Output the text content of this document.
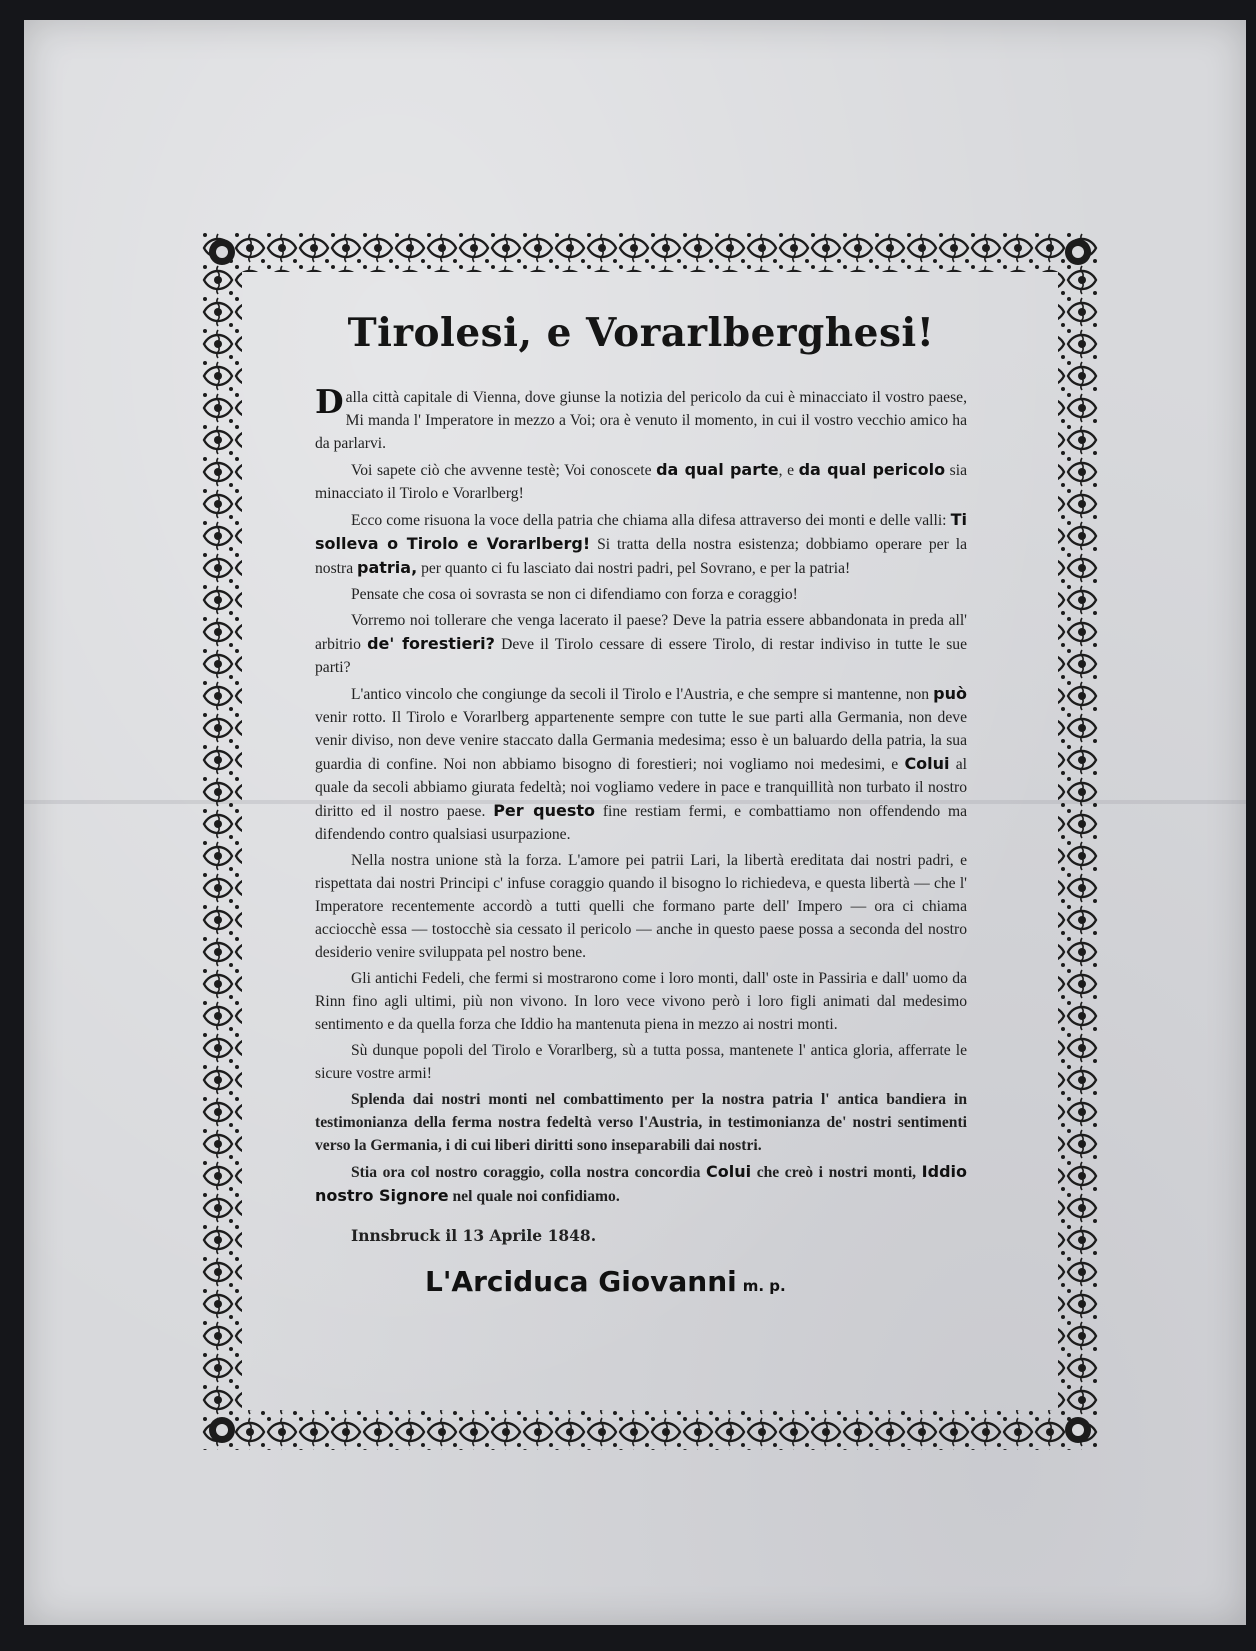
Tirolesi, e Vorarlberghesi!

Dalla città capitale di Vienna, dove giunse la notizia del pericolo da cui è minacciato il vostro paese, Mi manda l' Imperatore in mezzo a Voi; ora è venuto il momento, in cui il vostro vecchio amico ha da parlarvi.

Voi sapete ciò che avvenne testè; Voi conoscete da qual parte, e da qual pericolo sia minacciato il Tirolo e Vorarlberg!

Ecco come risuona la voce della patria che chiama alla difesa attraverso dei monti e delle valli: Ti solleva o Tirolo e Vorarlberg! Si tratta della nostra esistenza; dobbiamo operare per la nostra patria, per quanto ci fu lasciato dai nostri padri, pel Sovrano, e per la patria!

Pensate che cosa oi sovrasta se non ci difendiamo con forza e coraggio!

Vorremo noi tollerare che venga lacerato il paese? Deve la patria essere abbandonata in preda all' arbitrio de' forestieri? Deve il Tirolo cessare di essere Tirolo, di restar indiviso in tutte le sue parti?

L'antico vincolo che congiunge da secoli il Tirolo e l'Austria, e che sempre si mantenne, non può venir rotto. Il Tirolo e Vorarlberg appartenente sempre con tutte le sue parti alla Germania, non deve venir diviso, non deve venire staccato dalla Germania medesima; esso è un baluardo della patria, la sua guardia di confine. Noi non abbiamo bisogno di forestieri; noi vogliamo noi medesimi, e Colui al quale da secoli abbiamo giurata fedeltà; noi vogliamo vedere in pace e tranquillità non turbato il nostro diritto ed il nostro paese. Per questo fine restiam fermi, e combattiamo non offendendo ma difendendo contro qualsiasi usurpazione.

Nella nostra unione stà la forza. L'amore pei patrii Lari, la libertà ereditata dai nostri padri, e rispettata dai nostri Principi c' infuse coraggio quando il bisogno lo richiedeva, e questa libertà — che l' Imperatore recentemente accordò a tutti quelli che formano parte dell' Impero — ora ci chiama acciocchè essa — tostocchè sia cessato il pericolo — anche in questo paese possa a seconda del nostro desiderio venire sviluppata pel nostro bene.

Gli antichi Fedeli, che fermi si mostrarono come i loro monti, dall' oste in Passiria e dall' uomo da Rinn fino agli ultimi, più non vivono. In loro vece vivono però i loro figli animati dal medesimo sentimento e da quella forza che Iddio ha mantenuta piena in mezzo ai nostri monti.

Sù dunque popoli del Tirolo e Vorarlberg, sù a tutta possa, mantenete l' antica gloria, afferrate le sicure vostre armi!

Splenda dai nostri monti nel combattimento per la nostra patria l' antica bandiera in testimonianza della ferma nostra fedeltà verso l'Austria, in testimonianza de' nostri sentimenti verso la Germania, i di cui liberi diritti sono inseparabili dai nostri.

Stia ora col nostro coraggio, colla nostra concordia Colui che creò i nostri monti, Iddio nostro Signore nel quale noi confidiamo.

Innsbruck il 13 Aprile 1848.
L'Arciduca Giovanni m. p.
